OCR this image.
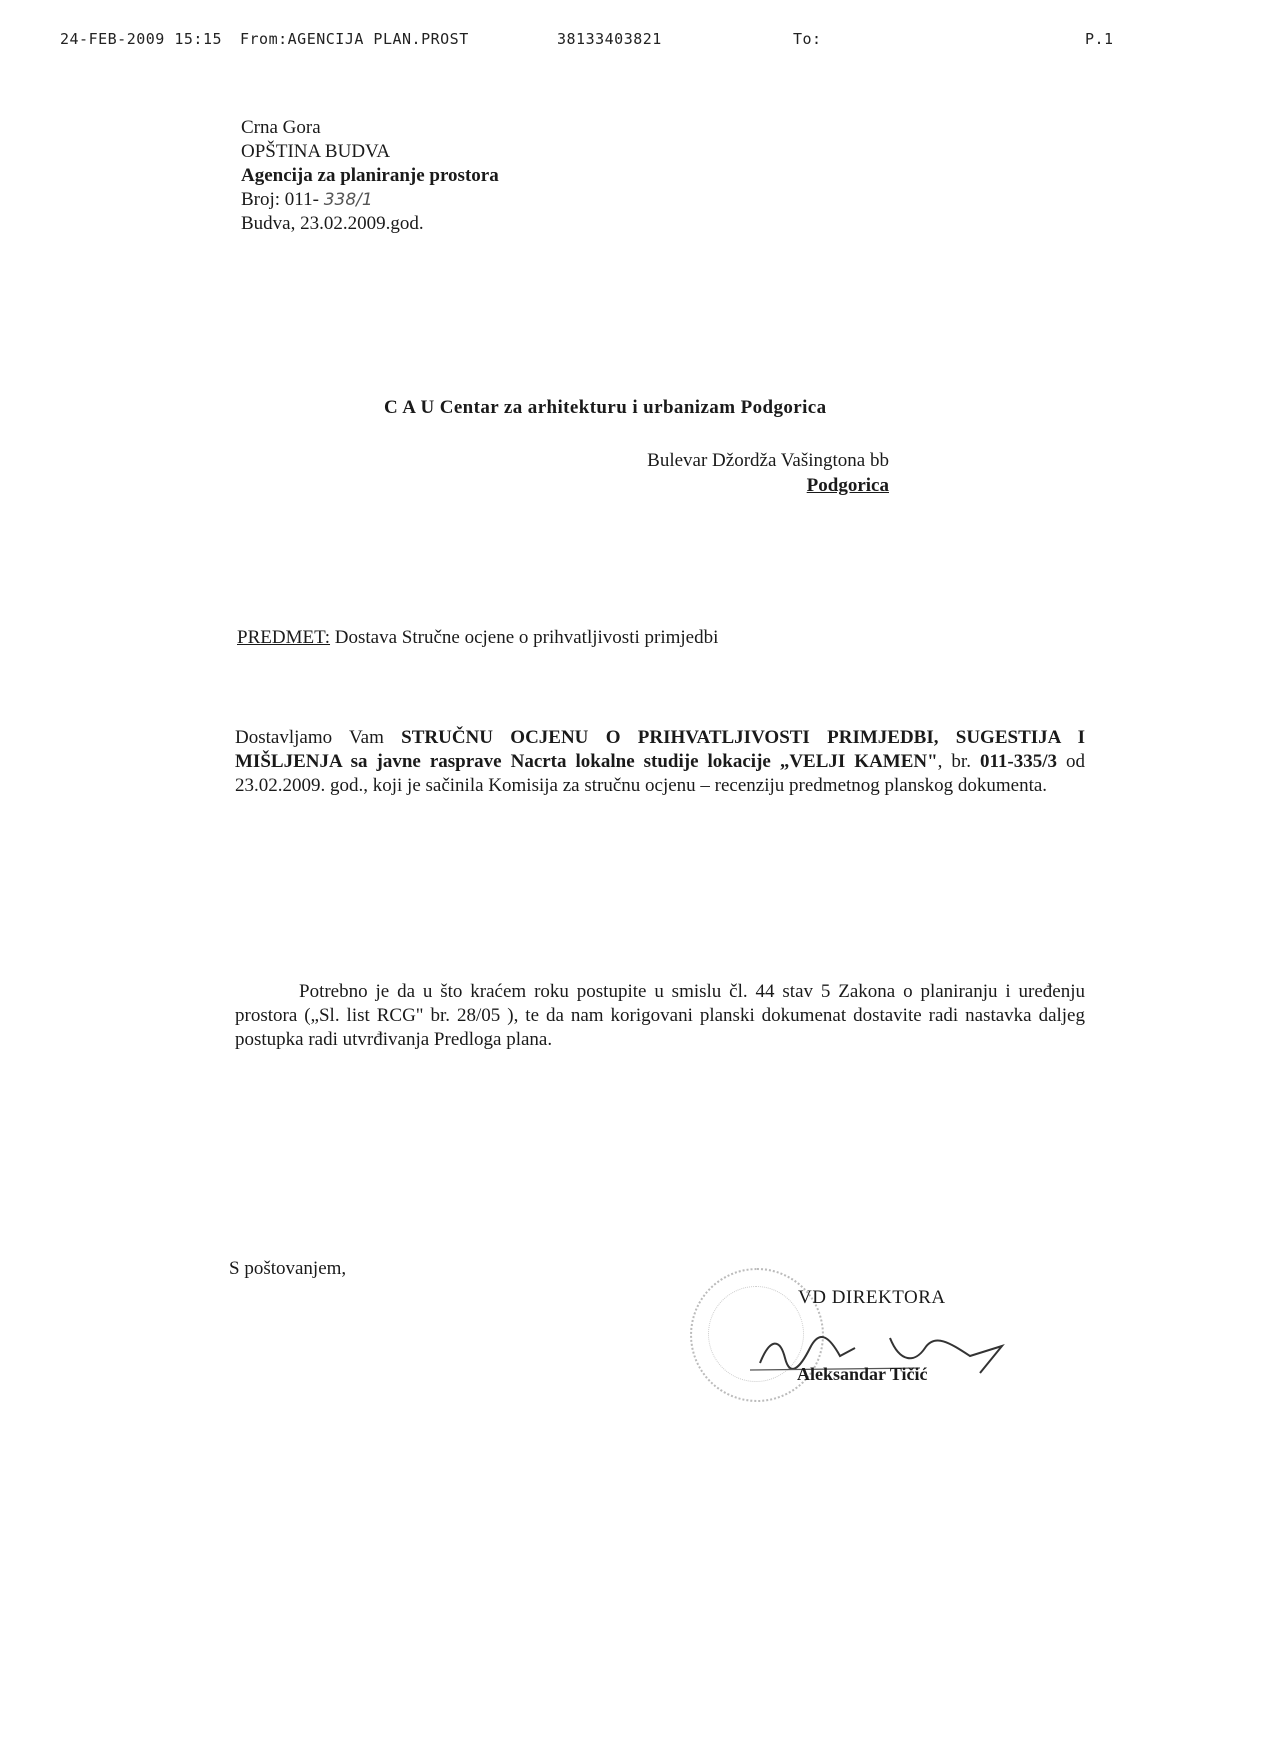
24-FEB-2009 15:15 From:AGENCIJA PLAN.PROST	38133403821	To:	P.1
Crna Gora
OPŠTINA BUDVA
Agencija za planiranje prostora
Broj: 011- 338/1
Budva, 23.02.2009.god.
C A U Centar za arhitekturu i urbanizam Podgorica
Bulevar Džordža Vašingtona bb
Podgorica
PREDMET: Dostava Stručne ocjene o prihvatljivosti primjedbi
Dostavljamo Vam STRUČNU OCJENU O PRIHVATLJIVOSTI PRIMJEDBI, SUGESTIJA I MIŠLJENJA sa javne rasprave Nacrta lokalne studije lokacije „VELJI KAMEN", br. 011-335/3 od 23.02.2009. god., koji je sačinila Komisija za stručnu ocjenu – recenziju predmetnog planskog dokumenta.
Potrebno je da u što kraćem roku postupite u smislu čl. 44 stav 5 Zakona o planiranju i uređenju prostora („Sl. list RCG" br. 28/05 ), te da nam korigovani planski dokumenat dostavite radi nastavka daljeg postupka radi utvrđivanja Predloga plana.
S poštovanjem,
VD DIREKTORA
Aleksandar Tičić
